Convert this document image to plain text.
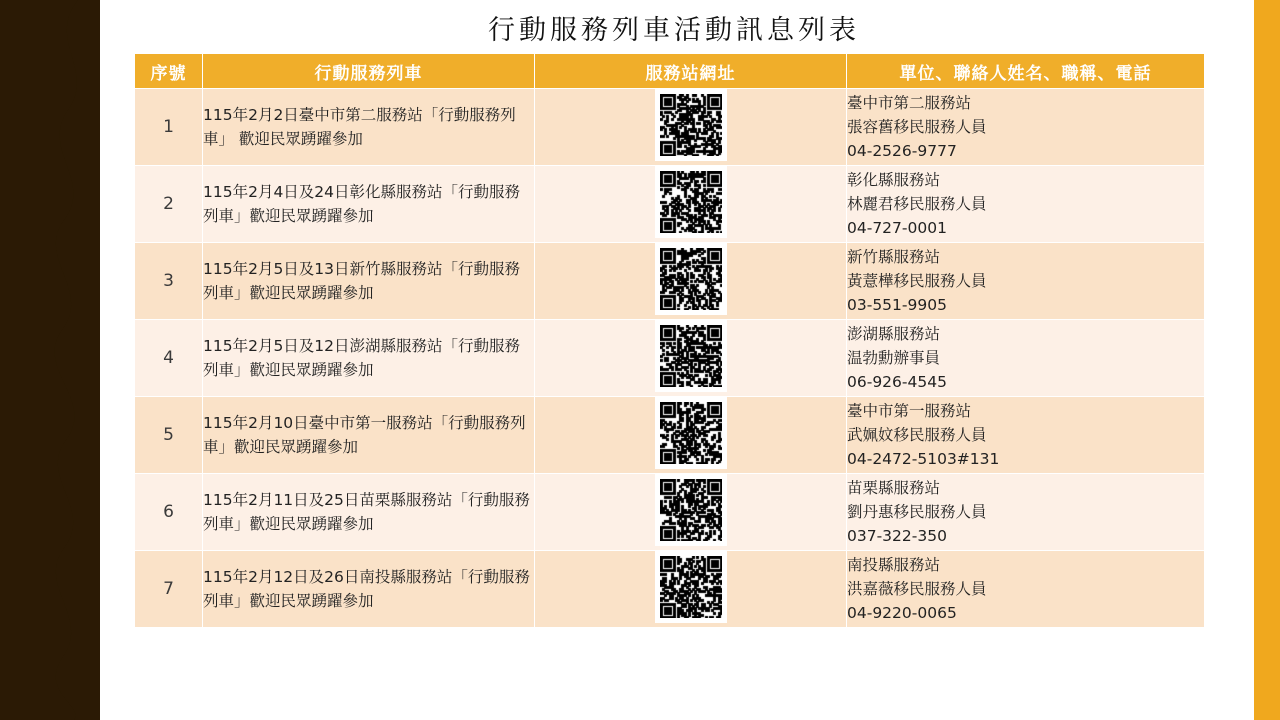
行動服務列車活動訊息列表
序號	行動服務列車	服務站網址	單位、聯絡人姓名、職稱、電話
1	115年2月2日臺中市第二服務站「行動服務列車」 歡迎民眾踴躍參加		臺中市第二服務站
張容舊移民服務人員
04-2526-9777

2	115年2月4日及24日彰化縣服務站「行動服務列車」歡迎民眾踴躍參加		彰化縣服務站
林麗君移民服務人員
04-727-0001

3	115年2月5日及13日新竹縣服務站「行動服務列車」歡迎民眾踴躍參加		新竹縣服務站
黃薏樺移民服務人員
03-551-9905

4	115年2月5日及12日澎湖縣服務站「行動服務列車」歡迎民眾踴躍參加		澎湖縣服務站
温勃勳辦事員
06-926-4545

5	115年2月10日臺中市第一服務站「行動服務列車」歡迎民眾踴躍參加		臺中市第一服務站
武姵妏移民服務人員
04-2472-5103#131

6	115年2月11日及25日苗栗縣服務站「行動服務列車」歡迎民眾踴躍參加		苗栗縣服務站
劉丹惠移民服務人員
037-322-350

7	115年2月12日及26日南投縣服務站「行動服務列車」歡迎民眾踴躍參加		南投縣服務站
洪嘉薇移民服務人員
04-9220-0065
